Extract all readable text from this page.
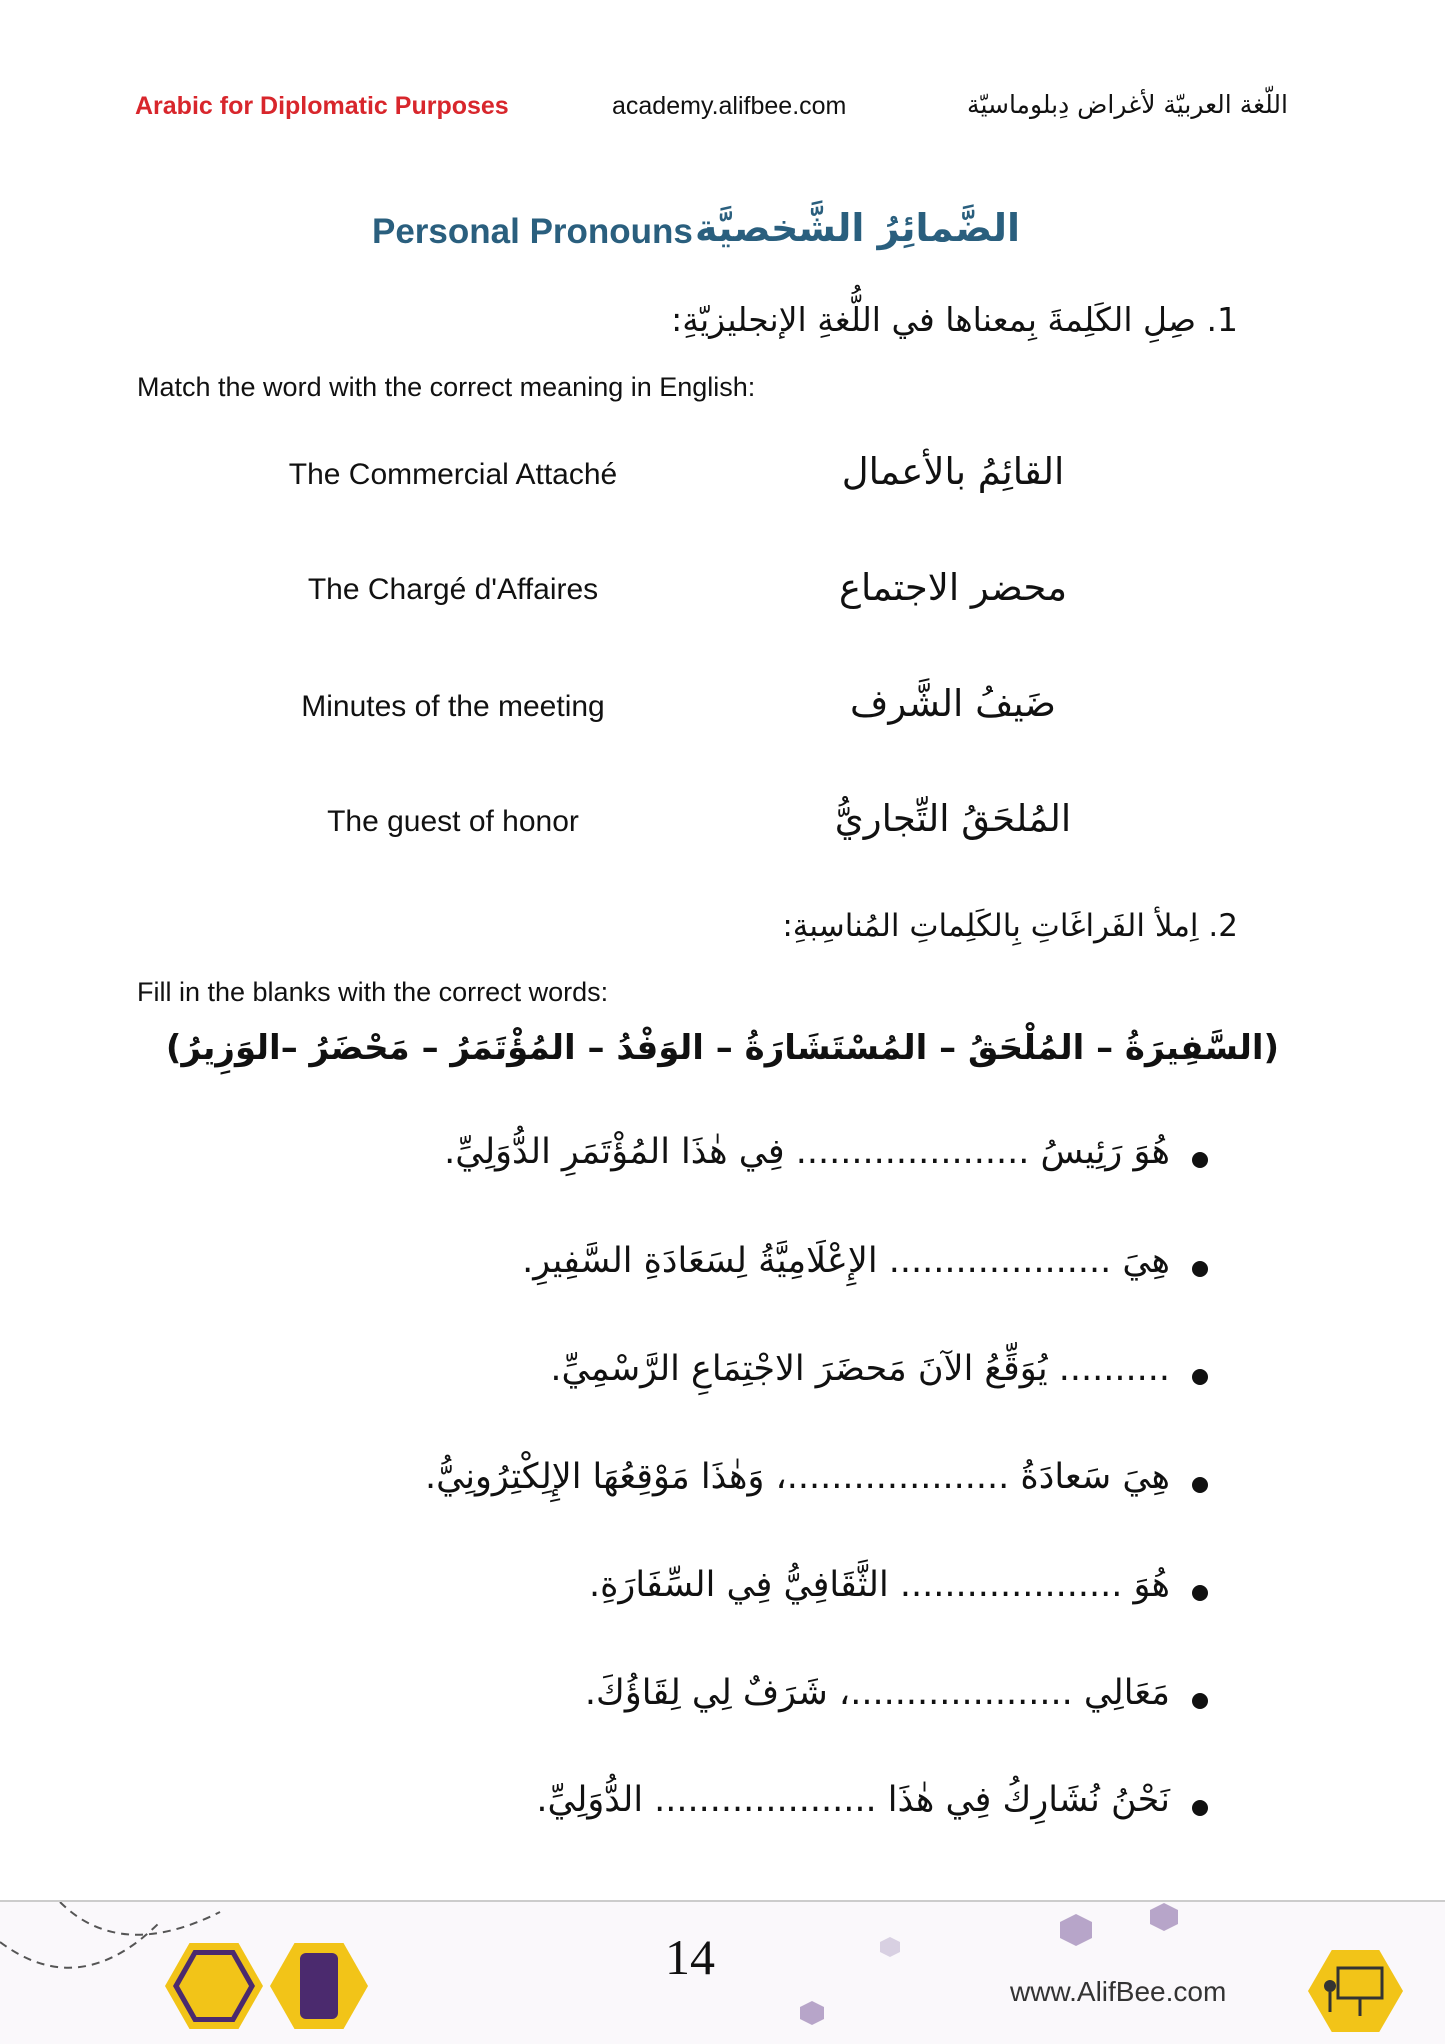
Arabic for Diplomatic Purposes	academy.alifbee.com	اللّغة العربيّة لأغراض دِبلوماسيّة
Personal Pronouns الضَّمائِرُ الشَّخصيَّة
1. صِلِ الكَلِمةَ بِمعناها في اللُّغةِ الإنجليزيّةِ:
Match the word with the correct meaning in English:
The Commercial Attaché	القائِمُ بالأعمال
The Chargé d'Affaires	محضر الاجتماع
Minutes of the meeting	ضَيفُ الشَّرف
The guest of honor	المُلحَقُ التِّجاريُّ
2. اِملأ الفَراغَاتِ بِالكَلِماتِ المُناسِبةِ:
Fill in the blanks with the correct words:
(السَّفِيرَةُ – المُلْحَقُ – المُسْتَشَارَةُ – الوَفْدُ – المُؤْتَمَرُ – مَحْضَرُ –الوَزِيرُ)
هُوَ رَئِيسُ ..................... فِي هٰذَا المُؤْتَمَرِ الدُّوَلِيِّ.
هِيَ .................... الإِعْلَامِيَّةُ لِسَعَادَةِ السَّفِيرِ.
.......... يُوَقِّعُ الآنَ مَحضَرَ الاجْتِمَاعِ الرَّسْمِيِّ.
هِيَ سَعادَةُ ....................، وَهٰذَا مَوْقِعُهَا الإِلِكْتِرُونِيُّ.
هُوَ .................... الثَّقَافِيُّ فِي السِّفَارَةِ.
مَعَالِي ....................، شَرَفٌ لِي لِقَاؤُكَ.
نَحْنُ نُشَارِكُ فِي هٰذَا .................... الدُّوَلِيِّ.
14
www.AlifBee.com
